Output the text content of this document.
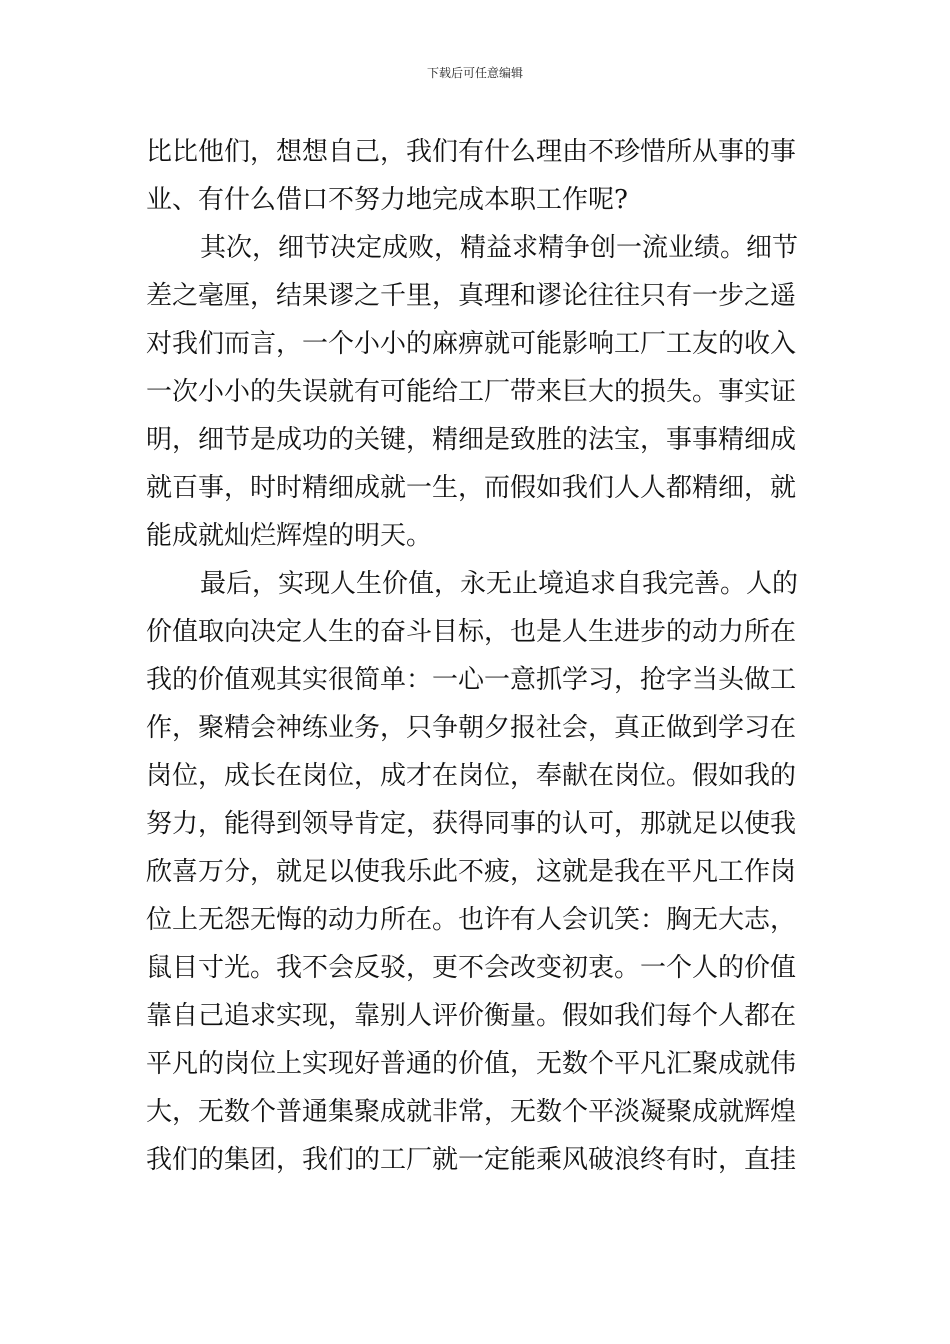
下载后可任意编辑
比比他们，想想自己，我们有什么理由不珍惜所从事的事
业、有什么借口不努力地完成本职工作呢?
其次，细节决定成败，精益求精争创一流业绩。细节
差之毫厘，结果谬之千里，真理和谬论往往只有一步之遥
对我们而言，一个小小的麻痹就可能影响工厂工友的收入
一次小小的失误就有可能给工厂带来巨大的损失。事实证
明，细节是成功的关键，精细是致胜的法宝，事事精细成
就百事，时时精细成就一生，而假如我们人人都精细，就
能成就灿烂辉煌的明天。
最后，实现人生价值，永无止境追求自我完善。人的
价值取向决定人生的奋斗目标，也是人生进步的动力所在
我的价值观其实很简单：一心一意抓学习，抢字当头做工
作，聚精会神练业务，只争朝夕报社会，真正做到学习在
岗位，成长在岗位，成才在岗位，奉献在岗位。假如我的
努力，能得到领导肯定，获得同事的认可，那就足以使我
欣喜万分，就足以使我乐此不疲，这就是我在平凡工作岗
位上无怨无悔的动力所在。也许有人会讥笑：胸无大志，
鼠目寸光。我不会反驳，更不会改变初衷。一个人的价值
靠自己追求实现，靠别人评价衡量。假如我们每个人都在
平凡的岗位上实现好普通的价值，无数个平凡汇聚成就伟
大，无数个普通集聚成就非常，无数个平淡凝聚成就辉煌
我们的集团，我们的工厂就一定能乘风破浪终有时，直挂
